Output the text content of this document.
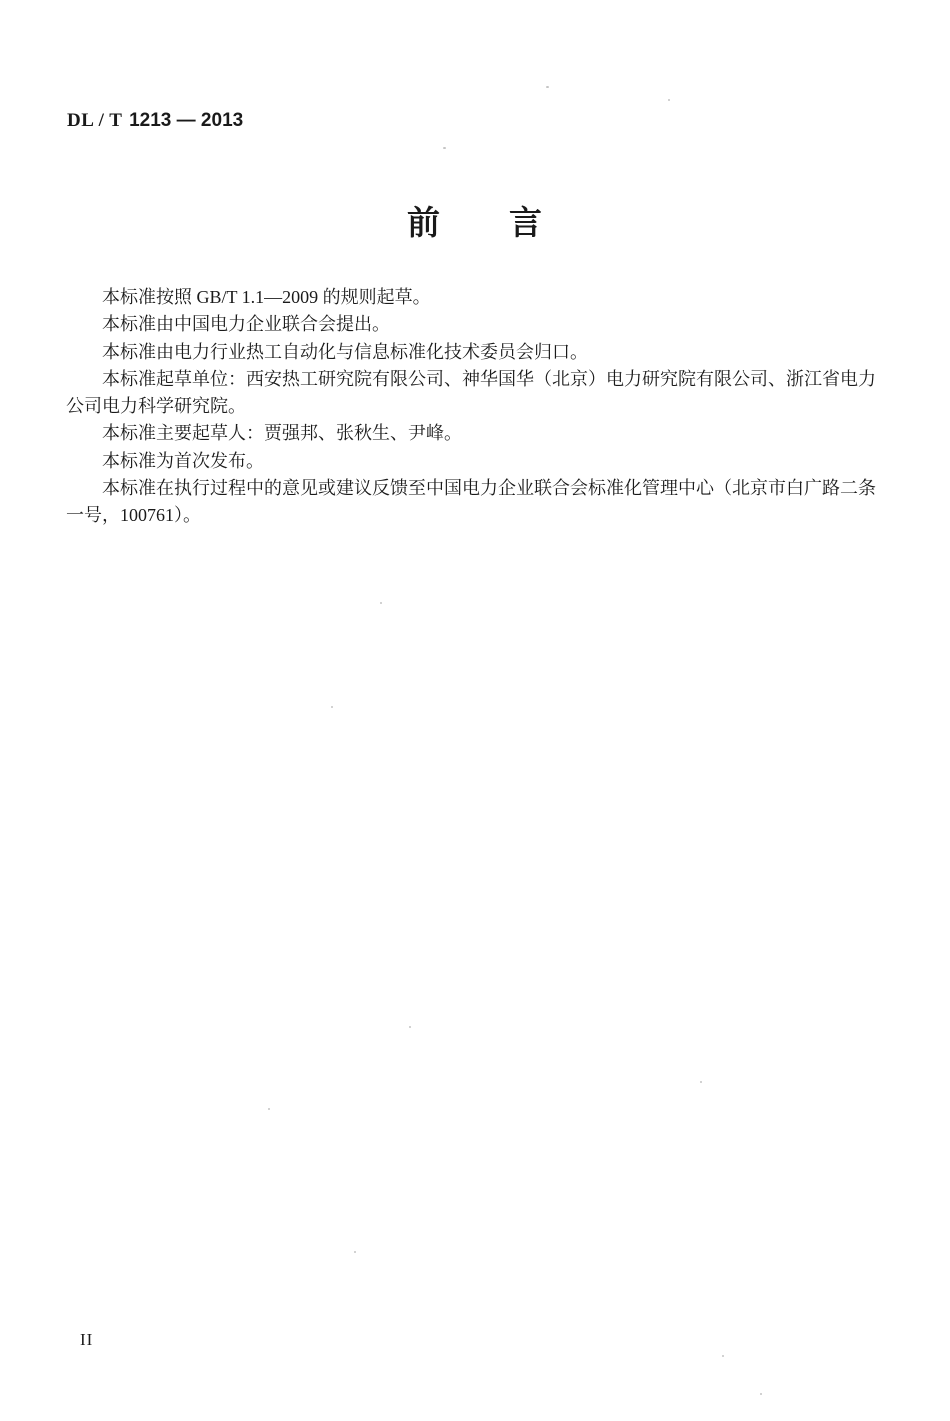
DL / T 1213 — 2013
前　　言

本标准按照 GB/T 1.1—2009 的规则起草。

本标准由中国电力企业联合会提出。

本标准由电力行业热工自动化与信息标准化技术委员会归口。

本标准起草单位：西安热工研究院有限公司、神华国华（北京）电力研究院有限公司、浙江省电力公司电力科学研究院。

本标准主要起草人：贾强邦、张秋生、尹峰。

本标准为首次发布。

本标准在执行过程中的意见或建议反馈至中国电力企业联合会标准化管理中心（北京市白广路二条一号，100761）。

II
